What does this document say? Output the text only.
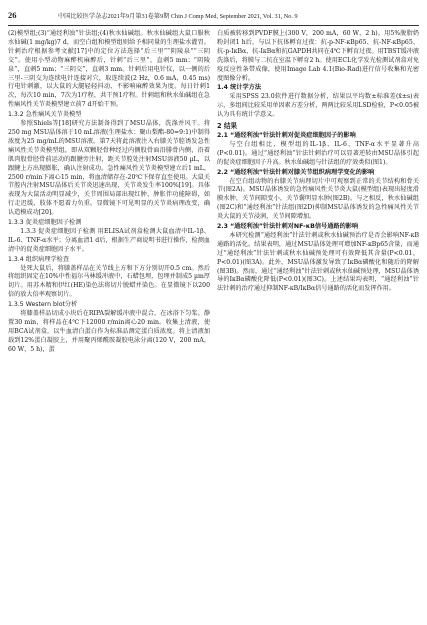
26	中国比较医学杂志2021年9月第31卷第9期 Chin J Comp Med, September 2021, Vol. 31, No. 9

(2)模型组;(3)“通经利浊”针法组;(4)秋水仙碱组。秋水仙碱组大鼠口服秋水仙碱(1 mg/kg)7 d，而空白组和模型组则给予相同量的生理盐水灌胃。针刺治疗根据参考文献[17]中的定位方法选择“后三里”“阴陵泉”“三阴交”。使用小型动物麻醉机麻醉后，针刺“后三里”，直刺5 mm；“阴陵泉”，直刺5 mm；“三阴交”，直刺3 mm。针刺后用电针仪，以一侧的后三里-三阴交为连续电针连接对穴，取连续波(2 Hz，0.6 mA，0.45 ms)行电针刺激，以大鼠的大腿轻轻抖动、不影响麻醉效果为度。每日针刺1次，每次10 min，7次为1疗程，共干预1疗程。针刺组和秋水仙碱组在急性痛风性关节炎模型建立前7 d开始干预。

1.3.2 急性痛风关节炎模型

参照Shiels等[18]研究方法制备得到了MSU晶体，洗涤并风干。将250 mg MSU晶体溶于10 mL溶液(生理盐水：聚山梨酯-80=9:1)中制得浓度为25 mg/mL的MSU溶液。第7天将此溶液注入右膝关节腔诱发急性痛风性关节炎模型组，即从双颗胫骨种经过内侧股骨面沿腓骨内侧，沿着肌肉股骨胫骨前运动的跟腱旁注射，距关节腔处注射MSU溶液50 µL，以跟腱上方出现膨胀，确认注射成功。急性痛风性关节炎模型建立后1 mL，2500 r/min下离心15 min，将血清储存在-20℃下保存直至使用。大鼠关节腔内注射MSU晶体后关节炎迅速出现，关节炎发生率100%[19]。具体表现为大鼠活动明显减少，关节周围局部出现红肿、肿胀伴功能障碍，如行走迟缓、肢体不愿着力负重。显微镜下可见明显的关节炎病理改变，确认造模成功[20]。

1.3.3 促炎症细胞因子检测

1.3.3 促炎症细胞因子检测 用ELISA试剂盒检测大鼠血清中IL-1β、IL-6、TNF-α水平；分离血清1 d后，根据生产商说明书进行操作，检测血清中的促炎症细胞因子水平。

1.3.4 组织病理学检查

处死大鼠后，将膝盖样品在关节线上方和下方分别切开0.5 cm。然后将组织固定在10%中性福尔马林缓冲液中，石蜡包埋，包埋并制成5 µm厚切片。用苏木精和伊红(HE)染色法将切片脱蜡并染色。在显微镜下以200倍的放大倍率观察切片。

1.3.5 Western blot分析

将膝盖样品切成小块后在RIPA裂解缓冲液中混合，在冰浴下匀浆。静置30 min，将样品在4℃下12000 r/min离心20 min。收集上清液，使用BCA试剂盒，以牛血清白蛋白作为标准品测定蛋白质浓度。将上清液加载到12%蛋白凝胶上，并用聚丙烯酰胺凝胶电泳分离(120 V，200 mA，60 W，5 h)，蛋

白质被转移到PVDF膜上(300 V，200 mA，60 W，2 h)。用5%脱脂奶粉封闭1 h后，与以下抗体孵育过夜：抗-p-NF-κBp65、抗-NF-κBp65、抗-p-IκBα、抗-IκBα和抗GAPDH共同在4℃下孵育过夜。用TBST缓冲液洗涤后，将膜与二抗在室温下孵育2 h。使用ECL化学发光检测试剂盒对免疫反应性条带成像，使用Image Lab 4.1(Bio-Rad)进行信号收集和光密度图像分析。

1.4 统计学方法

采用SPSS 23.0软件进行数据分析，结果以平均数±标准差(x̄±s)表示，多组间比较采用单因素方差分析，两两比较采用LSD检验，P<0.05被认为具有统计学意义。

2 结果
2.1 “通经利浊”针法针刺对促炎症细胞因子的影响

与空白组相比，模型组的IL-1β、IL-6、TNF-α水平显著升高(P<0.01)。通过“通经利浊”针法针刺治疗可以显著逆转由MSU晶体引起的促炎症细胞因子升高。秋水仙碱组与针法组的疗效类似(图1)。

2.2 “通经利浊”针法针刺对膝关节组织病理学变化的影响

在空白组动物的右膝关节病理切片中可观察到正常的关节结构和骨关节(图2A)。MSU晶体诱发的急性痛风性关节炎大鼠(模型组)表现出轻度滑膜水肿，关节间隙变小，关节囊明显水肿(图2B)。与之相反，秋水仙碱组(图2C)和“通经利浊”针法组(图2D)抑制MSU晶体诱发的急性痛风性关节炎大鼠的关节浸润，关节间隙增加。

2.3 “通经利浊”针法针刺对NF-κB信号通路的影响

本研究检测“通经利浊”针法针刺或秋水仙碱预治疗是否会影响NF-κB通路的活化。结果表明，通过MSU晶体处理可增加NF-κBp65含量，而通过“通经利浊”针法针刺或秋水仙碱预处理可有效降低其含量(P<0.01，P<0.01)(图3A)。此外，MSU晶体激发导致了IκBα磷酸化和随后的降解(图3B)。然而，通过“通经利浊”针法针刺或秋水仙碱预处理，MSU晶体诱导的IκBα磷酸化降低(P<0.01)(图3C)。上述结果均表明，“通经利浊”针法针刺的治疗通过抑制NF-κB/IκBα信号通路的活化而发挥作用。
